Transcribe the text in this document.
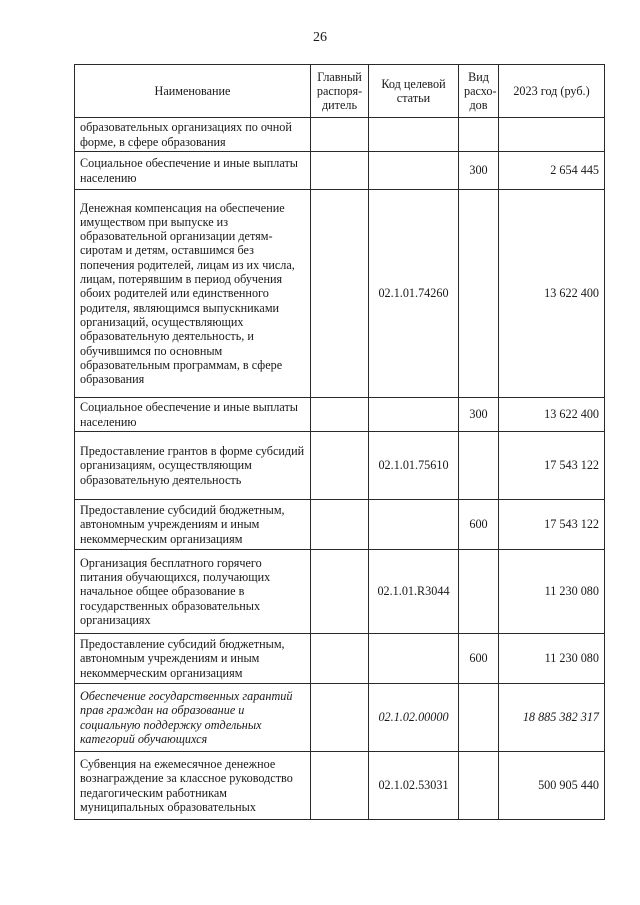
26
Наименование	Главный распоря-дитель	Код целевой статьи	Вид расхо-дов	2023 год (руб.)
образовательных организациях по очной форме, в сфере образования				
Социальное обеспечение и иные выплаты населению			300	2 654 445
Денежная компенсация на обеспечение имуществом при выпуске из образовательной организации детям-сиротам и детям, оставшимся без попечения родителей, лицам из их числа, лицам, потерявшим в период обучения обоих родителей или единственного родителя, являющимся выпускниками организаций, осуществляющих образовательную деятельность, и обучившимся по основным образовательным программам, в сфере образования		02.1.01.74260		13 622 400
Социальное обеспечение и иные выплаты населению			300	13 622 400
Предоставление грантов в форме субсидий организациям, осуществляющим образовательную деятельность		02.1.01.75610		17 543 122
Предоставление субсидий бюджетным, автономным учреждениям и иным некоммерческим организациям			600	17 543 122
Организация бесплатного горячего питания обучающихся, получающих начальное общее образование в государственных образовательных организациях		02.1.01.R3044		11 230 080
Предоставление субсидий бюджетным, автономным учреждениям и иным некоммерческим организациям			600	11 230 080
Обеспечение государственных гарантий прав граждан на образование и социальную поддержку отдельных категорий обучающихся		02.1.02.00000		18 885 382 317
Субвенция на ежемесячное денежное вознаграждение за классное руководство педагогическим работникам муниципальных образовательных		02.1.02.53031		500 905 440
